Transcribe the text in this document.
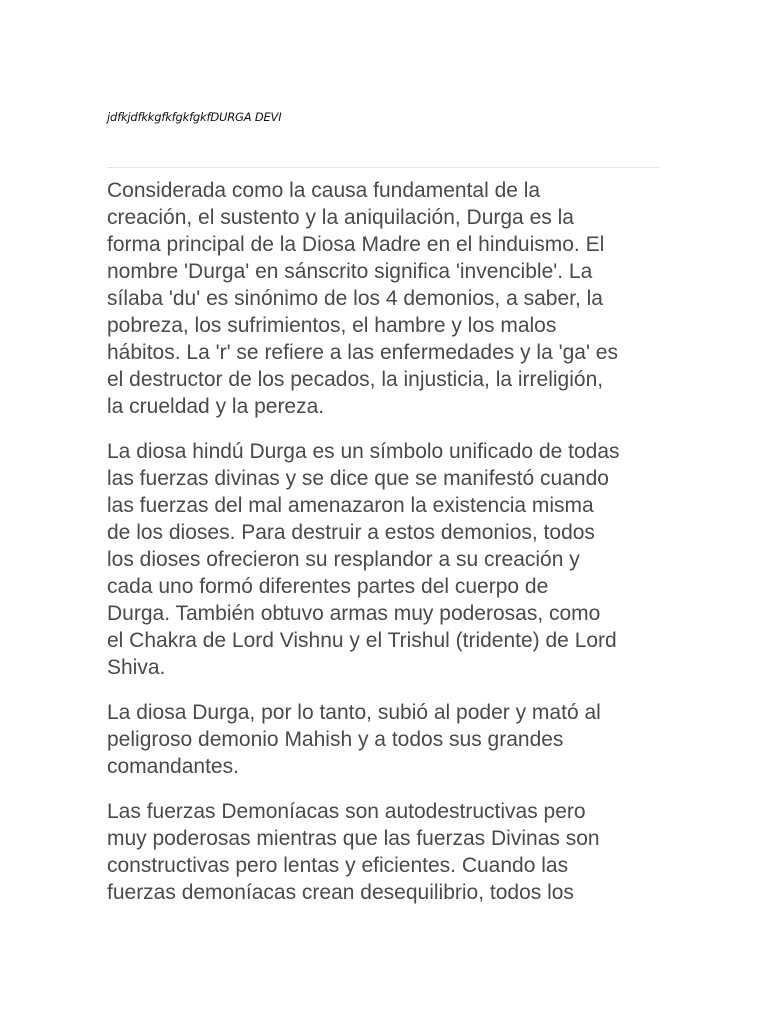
jdfkjdfkkgfkfgkfgkfDURGA DEVI

Considerada como la causa fundamental de la
creación, el sustento y la aniquilación, Durga es la
forma principal de la Diosa Madre en el hinduismo. El
nombre 'Durga' en sánscrito significa 'invencible'. La
sílaba 'du' es sinónimo de los 4 demonios, a saber, la
pobreza, los sufrimientos, el hambre y los malos
hábitos. La 'r' se refiere a las enfermedades y la 'ga' es
el destructor de los pecados, la injusticia, la irreligión,
la crueldad y la pereza.

La diosa hindú Durga es un símbolo unificado de todas
las fuerzas divinas y se dice que se manifestó cuando
las fuerzas del mal amenazaron la existencia misma
de los dioses. Para destruir a estos demonios, todos
los dioses ofrecieron su resplandor a su creación y
cada uno formó diferentes partes del cuerpo de
Durga. También obtuvo armas muy poderosas, como
el Chakra de Lord Vishnu y el Trishul (tridente) de Lord
Shiva.

La diosa Durga, por lo tanto, subió al poder y mató al
peligroso demonio Mahish y a todos sus grandes
comandantes.

Las fuerzas Demoníacas son autodestructivas pero
muy poderosas mientras que las fuerzas Divinas son
constructivas pero lentas y eficientes. Cuando las
fuerzas demoníacas crean desequilibrio, todos los
